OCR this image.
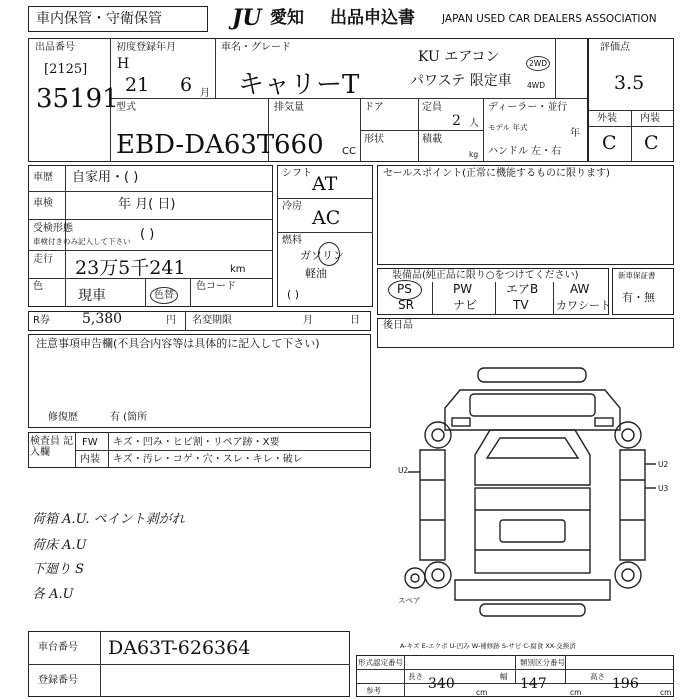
車内保管・守衛保管	JU 愛知 出品申込書	JAPAN USED CAR DEALERS ASSOCIATION
出品番号
[2125]
35191
初度登録年月
H
21 6 月
車名・グレード
キャリーT
KU エアコン
パワステ 限定車
2WD
4WD
評価点
3.5
外装 内装
C C
型式
EBD-DA63T
排気量
660 CC
ドア
形状
定員
2 人
積載
kg
ディーラー・並行
モデル 年式
年
ハンドル 左・右
車歴 自家用・( )
車検	年 月( 日)
受検形態
車検付きのみ記入して下さい ( )
走行 23万5千241	km
色
現車	色替
色コード
シフト AT
冷房
AC
燃料
ガソリン
軽油
( )
セールスポイント(正常に機能するものに限ります)
装備品(純正品に限り○をつけてください)
PS	PW	エアB	AW
SR	ナビ	TV カワシート
新車保証書
有・無
R券 5,380	円 名変期限	月	日 後日品
注意事項申告欄(不具合内容等は具体的に記入して下さい)
修復歴	有 (箇所
検査員 記入欄
FW キズ・凹み・ヒビ割・リペア跡・X要
内装 キズ・汚レ・コゲ・穴・スレ・キレ・破レ
荷箱 A.U. ペイント剥がれ
荷床 A.U
下廻り S
各 A.U
U2
U2
U3
スペア
A-キズ E-エクボ U-凹み W-補修跡 S-サビ C-腐食 XX-交換済
車台番号 DA63T-626364
登録番号
形式認定番号	類別区分番号
参考
長さ 340
cm
幅 147
cm
高さ 196
cm
